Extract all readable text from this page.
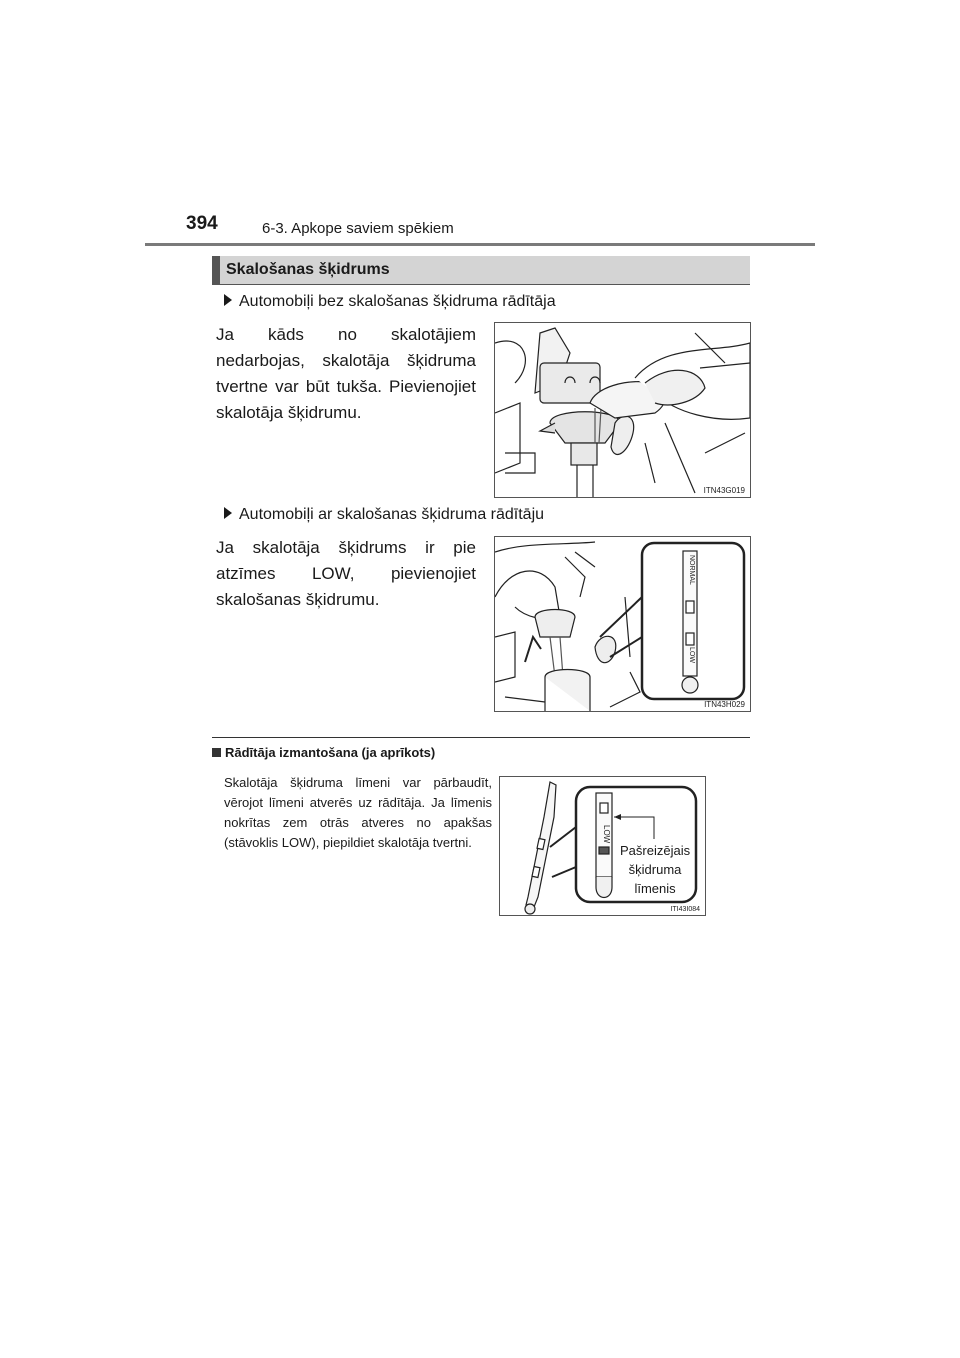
394	6-3. Apkope saviem spēkiem
Skalošanas šķidrums
Automobiļi bez skalošanas šķidruma rādītāja
Ja kāds no skalotājiem nedarbojas, skalotāja šķidruma tvertne var būt tukša. Pievienojiet skalotāja šķidrumu.
ITN43G019
Automobiļi ar skalošanas šķidruma rādītāju
Ja skalotāja šķidrums ir pie atzīmes LOW, pievienojiet skalošanas šķidrumu.
NORMAL
LOW
ITN43H029
Rādītāja izmantošana (ja aprīkots)
Skalotāja šķidruma līmeni var pārbaudīt, vērojot līmeni atverēs uz rādītāja. Ja līmenis nokrītas zem otrās atveres no apakšas (stāvoklis LOW), piepildiet skalotāja tvertni.	LOW
ITI43I084
Pašreizējais
šķidruma
līmenis
